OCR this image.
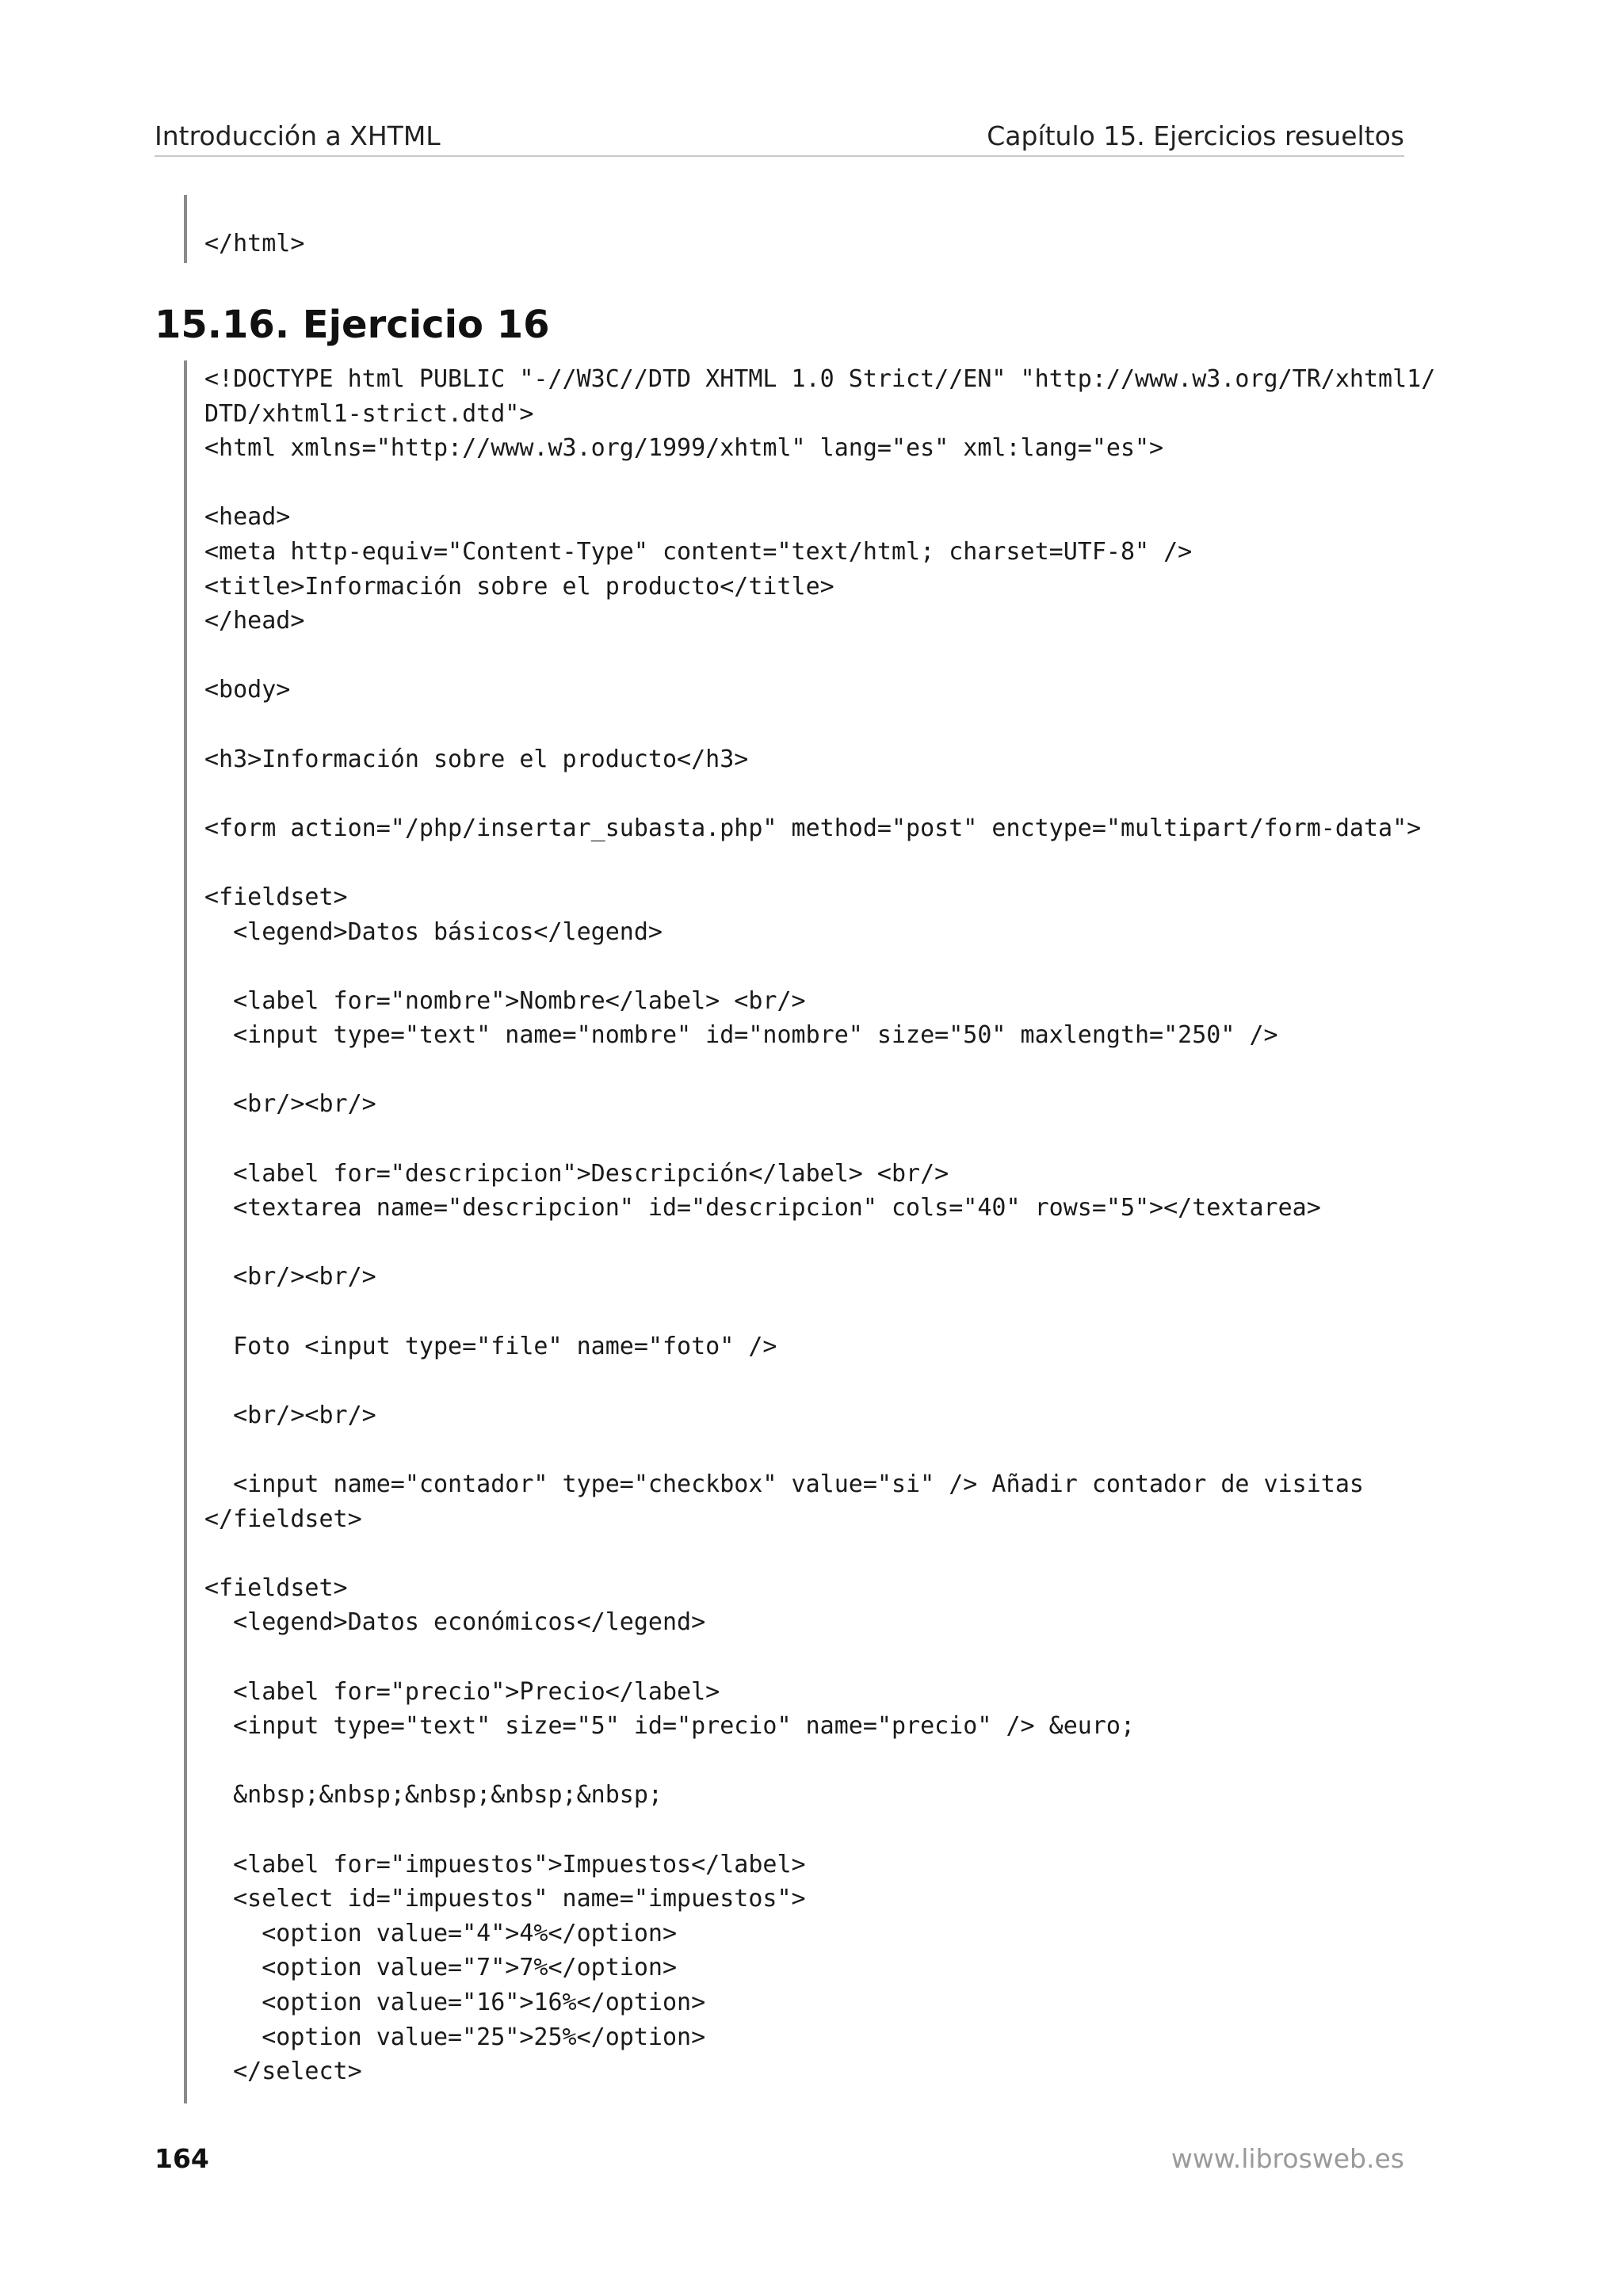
Introducción a XHTML	Capítulo 15. Ejercicios resueltos
</html>
15.16. Ejercicio 16
<!DOCTYPE html PUBLIC "-//W3C//DTD XHTML 1.0 Strict//EN" "http://www.w3.org/TR/xhtml1/
DTD/xhtml1-strict.dtd">
<html xmlns="http://www.w3.org/1999/xhtml" lang="es" xml:lang="es">
<head>
<meta http-equiv="Content-Type" content="text/html; charset=UTF-8" />
<title>Información sobre el producto</title>
</head>
<body>
<h3>Información sobre el producto</h3>
<form action="/php/insertar_subasta.php" method="post" enctype="multipart/form-data">
<fieldset>
<legend>Datos básicos</legend>
<label for="nombre">Nombre</label> <br/>
<input type="text" name="nombre" id="nombre" size="50" maxlength="250" />
<br/><br/>
<label for="descripcion">Descripción</label> <br/>
<textarea name="descripcion" id="descripcion" cols="40" rows="5"></textarea>
<br/><br/>
Foto <input type="file" name="foto" />
<br/><br/>
<input name="contador" type="checkbox" value="si" /> Añadir contador de visitas
</fieldset>
<fieldset>
<legend>Datos económicos</legend>
<label for="precio">Precio</label>
<input type="text" size="5" id="precio" name="precio" /> &euro;
&nbsp;&nbsp;&nbsp;&nbsp;&nbsp;
<label for="impuestos">Impuestos</label>
<select id="impuestos" name="impuestos">
<option value="4">4%</option>
<option value="7">7%</option>
<option value="16">16%</option>
<option value="25">25%</option>
</select>
164	www.librosweb.es
